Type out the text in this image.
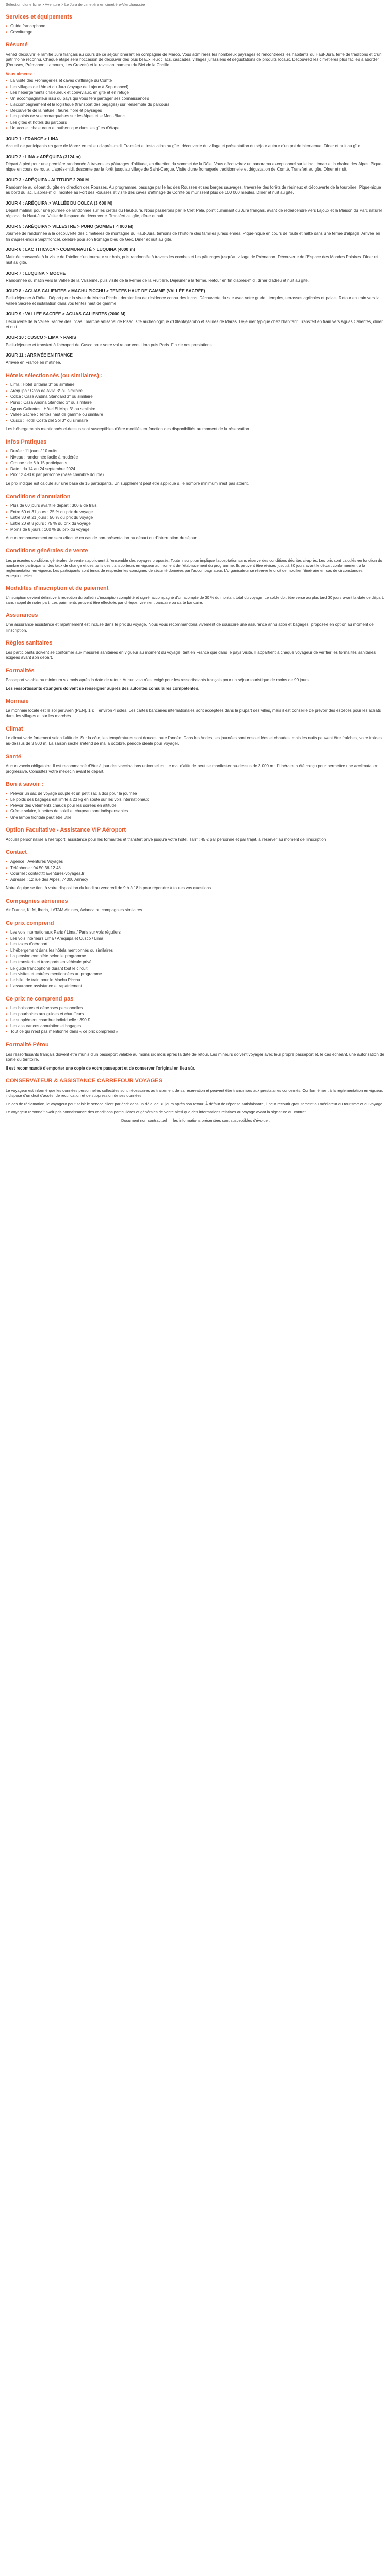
Sélection d'une fiche > Aventure > Le Jura de cimetière en cimetière-Vierchaussée
Services et équipements
■ Guide francophone
■ Covoiturage
Résumé

Venez découvrir le ramifié Jura français au cours de ce séjour itinérant en compagnie de Marco. Vous admirerez les nombreux paysages et rencontrerez les habitants du Haut-Jura, terre de traditions et d'un patrimoine reconnu. Chaque étape sera l'occasion de découvrir des plus beaux lieux : lacs, cascades, villages jurassiens et dégustations de produits locaux. Découvrez les cimetières plus faciles à aborder (Rousses, Prémanon, Lamoura, Les Crozets) et le ravissant hameau du Bief de la Chaille.

Vous aimerez :

■ La visite des Fromageries et caves d'affinage du Comté
■ Les villages de l'Ain et du Jura (voyage de Lajoux à Septmoncel)
■ Les hébergements chaleureux et conviviaux, en gîte et en refuge
■ Un accompagnateur issu du pays qui vous fera partager ses connaissances
■ L'accompagnement et la logistique (transport des bagages) sur l'ensemble du parcours
■ Découverte de la nature : faune, flore et paysages
■ Les points de vue remarquables sur les Alpes et le Mont-Blanc
■ Les gîtes et hôtels du parcours
■ Un accueil chaleureux et authentique dans les gîtes d'étape
JOUR 1 : FRANCE > LINA

Accueil de participants en gare de Morez en milieu d'après-midi. Transfert et installation au gîte, découverte du village et présentation du séjour autour d'un pot de bienvenue. Dîner et nuit au gîte.

JOUR 2 : LINA > ARÉQUIPA (3124 m)

Départ à pied pour une première randonnée à travers les pâturages d'altitude, en direction du sommet de la Dôle. Vous découvrirez un panorama exceptionnel sur le lac Léman et la chaîne des Alpes. Pique-nique en cours de route. L'après-midi, descente par la forêt jusqu'au village de Saint-Cergue. Visite d'une fromagerie traditionnelle et dégustation de Comté. Transfert au gîte. Dîner et nuit.

JOUR 3 : ARÉQUIPA - ALTITUDE 2 200 M

Randonnée au départ du gîte en direction des Rousses. Au programme, passage par le lac des Rousses et ses berges sauvages, traversée des forêts de résineux et découverte de la tourbière. Pique-nique au bord du lac. L'après-midi, montée au Fort des Rousses et visite des caves d'affinage de Comté où mûrissent plus de 100 000 meules. Dîner et nuit au gîte.

JOUR 4 : ARÉQUIPA > VALLÉE DU COLCA (3 600 M)

Départ matinal pour une journée de randonnée sur les crêtes du Haut-Jura. Nous passerons par le Crêt Pela, point culminant du Jura français, avant de redescendre vers Lajoux et la Maison du Parc naturel régional du Haut-Jura. Visite de l'espace de découverte. Transfert au gîte, dîner et nuit.

JOUR 5 : ARÉQUIPA > VILLESTRE > PUNO (SOMMET 4 900 M)

Journée de randonnée à la découverte des cimetières de montagne du Haut-Jura, témoins de l'histoire des familles jurassiennes. Pique-nique en cours de route et halte dans une ferme d'alpage. Arrivée en fin d'après-midi à Septmoncel, célèbre pour son fromage bleu de Gex. Dîner et nuit au gîte.

JOUR 6 : LAC TITICACA > COMMUNAUTÉ > LUQUINA (4000 m)

Matinée consacrée à la visite de l'atelier d'un tourneur sur bois, puis randonnée à travers les combes et les pâturages jusqu'au village de Prémanon. Découverte de l'Espace des Mondes Polaires. Dîner et nuit au gîte.

JOUR 7 : LUQUINA > MOCHE

Randonnée du matin vers la Vallée de la Valserine, puis visite de la Ferme de la Fruitière. Déjeuner à la ferme. Retour en fin d'après-midi, dîner d'adieu et nuit au gîte.

JOUR 8 : AGUAS CALIENTES > MACHU PICCHU > TENTES HAUT DE GAMME (VALLÉE SACRÉE)

Petit-déjeuner à l'hôtel. Départ pour la visite du Machu Picchu, dernier lieu de résidence connu des Incas. Découverte du site avec votre guide : temples, terrasses agricoles et palais. Retour en train vers la Vallée Sacrée et installation dans vos tentes haut de gamme.

JOUR 9 : VALLÉE SACRÉE > AGUAS CALIENTES (2000 M)

Découverte de la Vallée Sacrée des Incas : marché artisanal de Pisac, site archéologique d'Ollantaytambo et salines de Maras. Déjeuner typique chez l'habitant. Transfert en train vers Aguas Calientes, dîner et nuit.

JOUR 10 : CUSCO > LIMA > PARIS

Petit-déjeuner et transfert à l'aéroport de Cusco pour votre vol retour vers Lima puis Paris. Fin de nos prestations.

JOUR 11 : ARRIVÉE EN FRANCE

Arrivée en France en matinée.

Hôtels sélectionnés (ou similaires) :
■ Lima : Hôtel Britania 3* ou similaire
■ Arequipa : Casa de Avila 3* ou similaire
■ Colca : Casa Andina Standard 3* ou similaire
■ Puno : Casa Andina Standard 3* ou similaire
■ Aguas Calientes : Hôtel El Mapi 3* ou similaire
■ Vallée Sacrée : Tentes haut de gamme ou similaire
■ Cusco : Hôtel Costa del Sol 3* ou similaire

Les hébergements mentionnés ci-dessus sont susceptibles d'être modifiés en fonction des disponibilités au moment de la réservation.

Infos Pratiques
■ Durée : 11 jours / 10 nuits
■ Niveau : randonnée facile à modérée
■ Groupe : de 6 à 15 participants
■ Date : du 14 au 24 septembre 2024
■ Prix : 2 490 € par personne (base chambre double)

Le prix indiqué est calculé sur une base de 15 participants. Un supplément peut être appliqué si le nombre minimum n'est pas atteint.

Conditions d'annulation
■ Plus de 60 jours avant le départ : 300 € de frais
■ Entre 60 et 31 jours : 25 % du prix du voyage
■ Entre 30 et 21 jours : 50 % du prix du voyage
■ Entre 20 et 8 jours : 75 % du prix du voyage
■ Moins de 8 jours : 100 % du prix du voyage

Aucun remboursement ne sera effectué en cas de non-présentation au départ ou d'interruption du séjour.

Conditions générales de vente

Les présentes conditions générales de vente s'appliquent à l'ensemble des voyages proposés. Toute inscription implique l'acceptation sans réserve des conditions décrites ci-après. Les prix sont calculés en fonction du nombre de participants, des taux de change et des tarifs des transporteurs en vigueur au moment de l'établissement du programme. Ils peuvent être révisés jusqu'à 30 jours avant le départ conformément à la réglementation en vigueur. Les participants sont tenus de respecter les consignes de sécurité données par l'accompagnateur. L'organisateur se réserve le droit de modifier l'itinéraire en cas de circonstances exceptionnelles.

Modalités d'inscription et de paiement

L'inscription devient définitive à réception du bulletin d'inscription complété et signé, accompagné d'un acompte de 30 % du montant total du voyage. Le solde doit être versé au plus tard 30 jours avant la date de départ, sans rappel de notre part. Les paiements peuvent être effectués par chèque, virement bancaire ou carte bancaire.

Assurances

Une assurance assistance et rapatriement est incluse dans le prix du voyage. Nous vous recommandons vivement de souscrire une assurance annulation et bagages, proposée en option au moment de l'inscription.

Règles sanitaires

Les participants doivent se conformer aux mesures sanitaires en vigueur au moment du voyage, tant en France que dans le pays visité. Il appartient à chaque voyageur de vérifier les formalités sanitaires exigées avant son départ.

Formalités

Passeport valable au minimum six mois après la date de retour. Aucun visa n'est exigé pour les ressortissants français pour un séjour touristique de moins de 90 jours.

Les ressortissants étrangers doivent se renseigner auprès des autorités consulaires compétentes.

Monnaie

La monnaie locale est le sol péruvien (PEN). 1 € = environ 4 soles. Les cartes bancaires internationales sont acceptées dans la plupart des villes, mais il est conseillé de prévoir des espèces pour les achats dans les villages et sur les marchés.

Climat

Le climat varie fortement selon l'altitude. Sur la côte, les températures sont douces toute l'année. Dans les Andes, les journées sont ensoleillées et chaudes, mais les nuits peuvent être fraîches, voire froides au-dessus de 3 500 m. La saison sèche s'étend de mai à octobre, période idéale pour voyager.

Santé

Aucun vaccin obligatoire. Il est recommandé d'être à jour des vaccinations universelles. Le mal d'altitude peut se manifester au-dessus de 3 000 m : l'itinéraire a été conçu pour permettre une acclimatation progressive. Consultez votre médecin avant le départ.

Bon à savoir :
■ Prévoir un sac de voyage souple et un petit sac à dos pour la journée
■ Le poids des bagages est limité à 23 kg en soute sur les vols internationaux
■ Prévoir des vêtements chauds pour les soirées en altitude
■ Crème solaire, lunettes de soleil et chapeau sont indispensables
■ Une lampe frontale peut être utile
Option Facultative - Assistance VIP Aéroport

Accueil personnalisé à l'aéroport, assistance pour les formalités et transfert privé jusqu'à votre hôtel. Tarif : 45 € par personne et par trajet, à réserver au moment de l'inscription.

Contact
■ Agence : Aventures Voyages
■ Téléphone : 04 50 36 12 48
■ Courriel : contact@aventures-voyages.fr
■ Adresse : 12 rue des Alpes, 74000 Annecy

Notre équipe se tient à votre disposition du lundi au vendredi de 9 h à 18 h pour répondre à toutes vos questions.

Compagnies aériennes

Air France, KLM, Iberia, LATAM Airlines, Avianca ou compagnies similaires.

Ce prix comprend
■ Les vols internationaux Paris / Lima / Paris sur vols réguliers
■ Les vols intérieurs Lima / Arequipa et Cusco / Lima
■ Les taxes d'aéroport
■ L'hébergement dans les hôtels mentionnés ou similaires
■ La pension complète selon le programme
■ Les transferts et transports en véhicule privé
■ Le guide francophone durant tout le circuit
■ Les visites et entrées mentionnées au programme
■ Le billet de train pour le Machu Picchu
■ L'assurance assistance et rapatriement
Ce prix ne comprend pas
■ Les boissons et dépenses personnelles
■ Les pourboires aux guides et chauffeurs
■ Le supplément chambre individuelle : 390 €
■ Les assurances annulation et bagages
■ Tout ce qui n'est pas mentionné dans « ce prix comprend »
Formalité Pérou

Les ressortissants français doivent être munis d'un passeport valable au moins six mois après la date de retour. Les mineurs doivent voyager avec leur propre passeport et, le cas échéant, une autorisation de sortie du territoire.

Il est recommandé d'emporter une copie de votre passeport et de conserver l'original en lieu sûr.

CONSERVATEUR & ASSISTANCE CARREFOUR VOYAGES

Le voyageur est informé que les données personnelles collectées sont nécessaires au traitement de sa réservation et peuvent être transmises aux prestataires concernés. Conformément à la réglementation en vigueur, il dispose d'un droit d'accès, de rectification et de suppression de ses données.

En cas de réclamation, le voyageur peut saisir le service client par écrit dans un délai de 30 jours après son retour. À défaut de réponse satisfaisante, il peut recourir gratuitement au médiateur du tourisme et du voyage.

Le voyageur reconnaît avoir pris connaissance des conditions particulières et générales de vente ainsi que des informations relatives au voyage avant la signature du contrat.

Document non contractuel — les informations présentées sont susceptibles d'évoluer.
